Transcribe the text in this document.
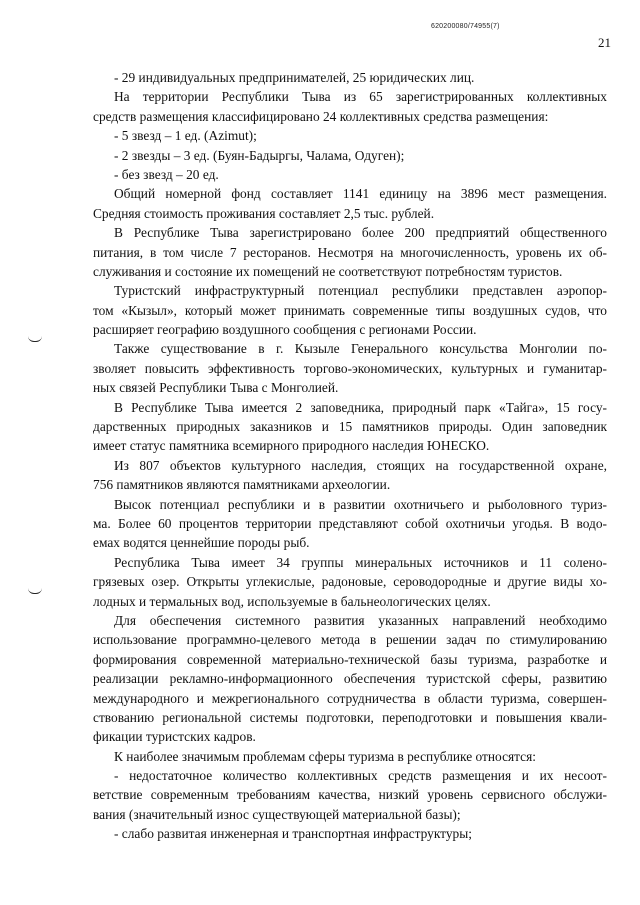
620200080/74955(7)
21
- 29 индивидуальных предпринимателей, 25 юридических лиц.
На территории Республики Тыва из 65 зарегистрированных коллективных
средств размещения классифицировано 24 коллективных средства размещения:
- 5 звезд – 1 ед. (Azimut);
- 2 звезды – 3 ед. (Буян-Бадыргы, Чалама, Одуген);
- без звезд – 20 ед.
Общий номерной фонд составляет 1141 единицу на 3896 мест размещения.
Средняя стоимость проживания составляет 2,5 тыс. рублей.
В Республике Тыва зарегистрировано более 200 предприятий общественного
питания, в том числе 7 ресторанов. Несмотря на многочисленность, уровень их об-
служивания и состояние их помещений не соответствуют потребностям туристов.
Туристский инфраструктурный потенциал республики представлен аэропор-
том «Кызыл», который может принимать современные типы воздушных судов, что
расширяет географию воздушного сообщения с регионами России.
Также существование в г. Кызыле Генерального консульства Монголии по-
зволяет повысить эффективность торгово-экономических, культурных и гуманитар-
ных связей Республики Тыва с Монголией.
В Республике Тыва имеется 2 заповедника, природный парк «Тайга», 15 госу-
дарственных природных заказников и 15 памятников природы. Один заповедник
имеет статус памятника всемирного природного наследия ЮНЕСКО.
Из 807 объектов культурного наследия, стоящих на государственной охране,
756 памятников являются памятниками археологии.
Высок потенциал республики и в развитии охотничьего и рыболовного туриз-
ма. Более 60 процентов территории представляют собой охотничьи угодья. В водо-
емах водятся ценнейшие породы рыб.
Республика Тыва имеет 34 группы минеральных источников и 11 солено-
грязевых озер. Открыты углекислые, радоновые, сероводородные и другие виды хо-
лодных и термальных вод, используемые в бальнеологических целях.
Для обеспечения системного развития указанных направлений необходимо
использование программно-целевого метода в решении задач по стимулированию
формирования современной материально-технической базы туризма, разработке и
реализации рекламно-информационного обеспечения туристской сферы, развитию
международного и межрегионального сотрудничества в области туризма, совершен-
ствованию региональной системы подготовки, переподготовки и повышения квали-
фикации туристских кадров.
К наиболее значимым проблемам сферы туризма в республике относятся:
- недостаточное количество коллективных средств размещения и их несоот-
ветствие современным требованиям качества, низкий уровень сервисного обслужи-
вания (значительный износ существующей материальной базы);
- слабо развитая инженерная и транспортная инфраструктуры;
